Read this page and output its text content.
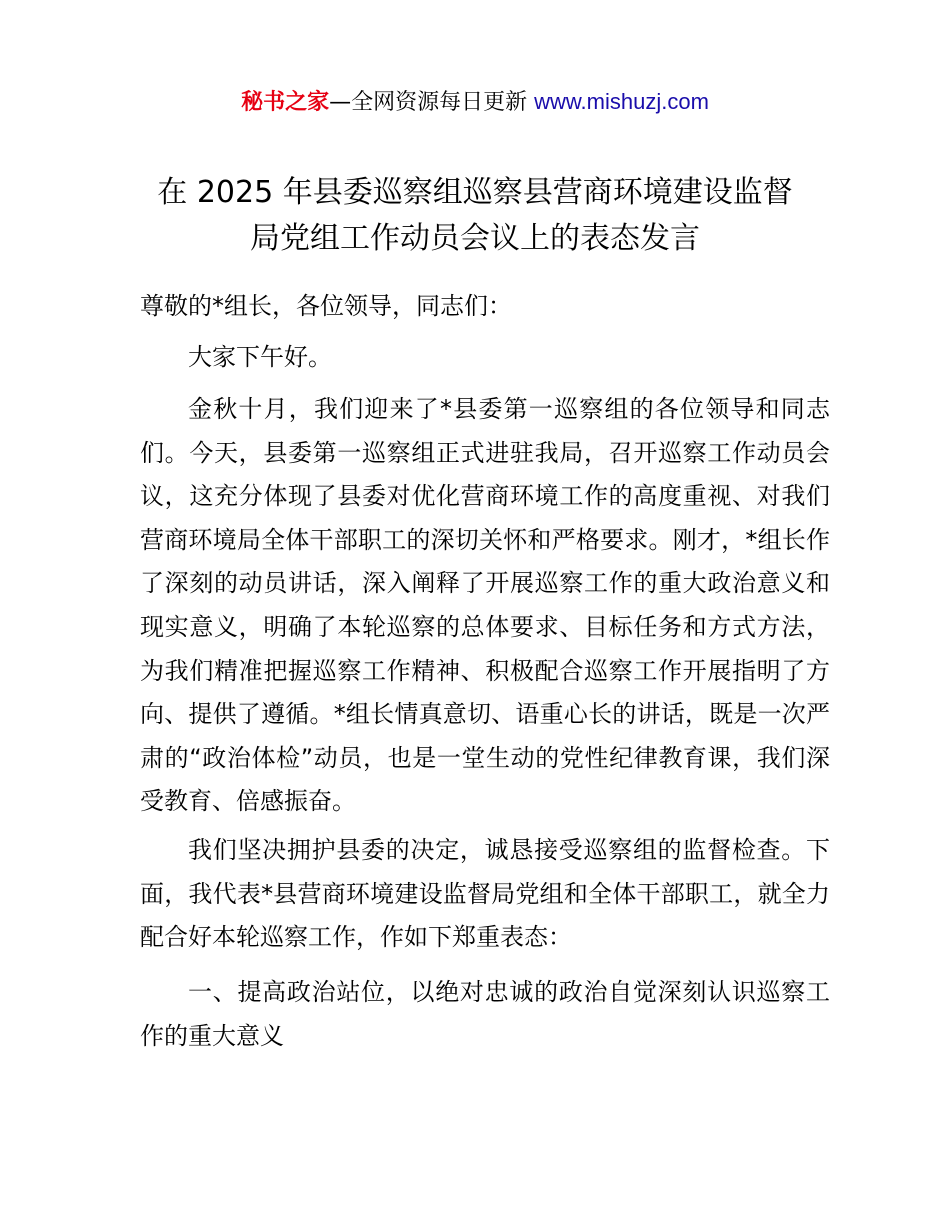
秘书之家—全网资源每日更新 www.mishuzj.com
在 2025 年县委巡察组巡察县营商环境建设监督
局党组工作动员会议上的表态发言
尊敬的*组长，各位领导，同志们：

大家下午好。

金秋十月，我们迎来了*县委第一巡察组的各位领导和同志们。今天，县委第一巡察组正式进驻我局，召开巡察工作动员会议，这充分体现了县委对优化营商环境工作的高度重视、对我们营商环境局全体干部职工的深切关怀和严格要求。刚才，*组长作了深刻的动员讲话，深入阐释了开展巡察工作的重大政治意义和现实意义，明确了本轮巡察的总体要求、目标任务和方式方法，为我们精准把握巡察工作精神、积极配合巡察工作开展指明了方向、提供了遵循。*组长情真意切、语重心长的讲话，既是一次严肃的“政治体检”动员，也是一堂生动的党性纪律教育课，我们深受教育、倍感振奋。

我们坚决拥护县委的决定，诚恳接受巡察组的监督检查。下面，我代表*县营商环境建设监督局党组和全体干部职工，就全力配合好本轮巡察工作，作如下郑重表态：

一、提高政治站位，以绝对忠诚的政治自觉深刻认识巡察工作的重大意义
